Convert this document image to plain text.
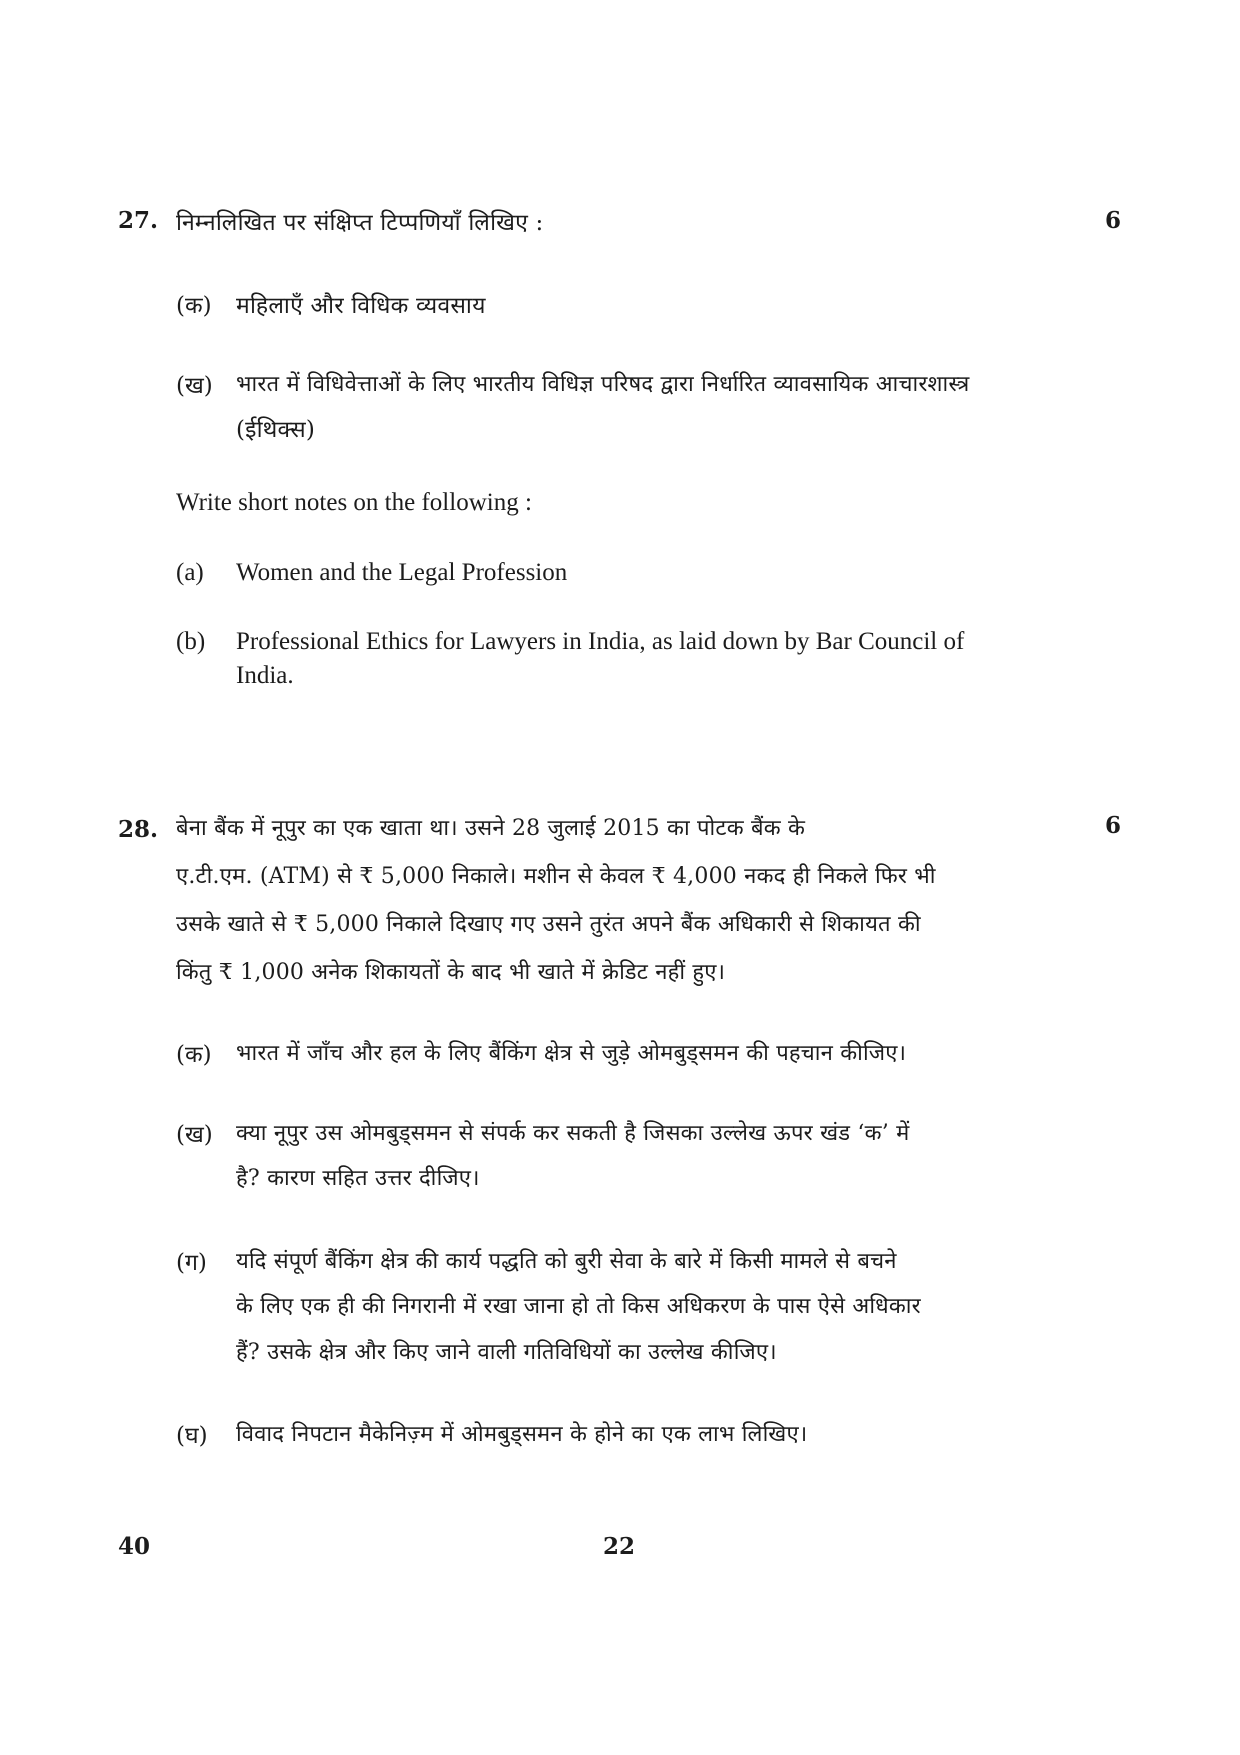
27. निम्नलिखित पर संक्षिप्त टिप्पणियाँ लिखिए :	6
(क) महिलाएँ और विधिक व्यवसाय
(ख) भारत में विधिवेत्ताओं के लिए भारतीय विधिज्ञ परिषद द्वारा निर्धारित व्यावसायिक आचारशास्त्र
(ईथिक्स)
Write short notes on the following :
(a) Women and the Legal Profession
(b) Professional Ethics for Lawyers in India, as laid down by Bar Council of
India.
28.	6
बेना बैंक में नूपुर का एक खाता था। उसने 28 जुलाई 2015 का पोटक बैंक के
ए.टी.एम. (ATM) से ₹ 5,000 निकाले। मशीन से केवल ₹ 4,000 नकद ही निकले फिर भी
उसके खाते से ₹ 5,000 निकाले दिखाए गए उसने तुरंत अपने बैंक अधिकारी से शिकायत की
किंतु ₹ 1,000 अनेक शिकायतों के बाद भी खाते में क्रेडिट नहीं हुए।
(क) भारत में जाँच और हल के लिए बैंकिंग क्षेत्र से जुड़े ओमबुड्समन की पहचान कीजिए।
(ख) क्या नूपुर उस ओमबुड्समन से संपर्क कर सकती है जिसका उल्लेख ऊपर खंड ‘क’ में
है? कारण सहित उत्तर दीजिए।
(ग) यदि संपूर्ण बैंकिंग क्षेत्र की कार्य पद्धति को बुरी सेवा के बारे में किसी मामले से बचने
के लिए एक ही की निगरानी में रखा जाना हो तो किस अधिकरण के पास ऐसे अधिकार
हैं? उसके क्षेत्र और किए जाने वाली गतिविधियों का उल्लेख कीजिए।
(घ) विवाद निपटान मैकेनिज़्म में ओमबुड्समन के होने का एक लाभ लिखिए।
40	22
